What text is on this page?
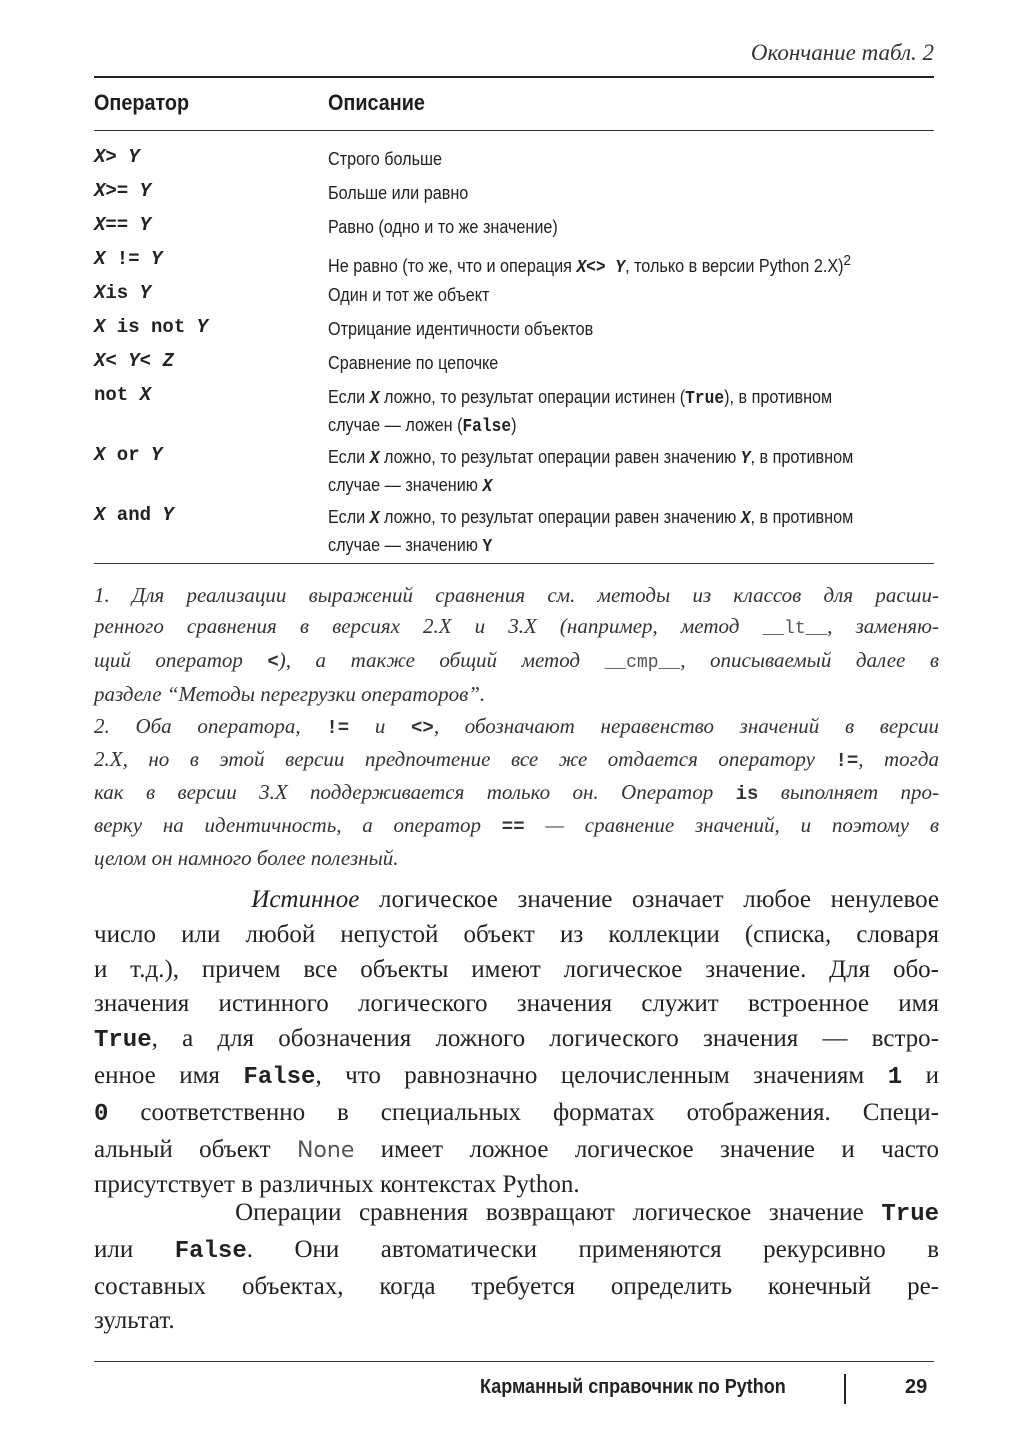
Окончание табл. 2
Оператор	Описание
X> Y	Строго больше
X>= Y	Больше или равно
X== Y	Равно (одно и то же значение)
X != Y	Не равно (то же, что и операция X<> Y, только в версии Python 2.X)$^2$
Xis Y	Один и тот же объект
X is not Y	Отрицание идентичности объектов
X< Y< Z	Сравнение по цепочке
not X	Если X ложно, то результат операции истинен (True), в противном
случае — ложен (False)
X or Y	Если X ложно, то результат операции равен значению Y, в противном
случае — значению X
X and Y	Если X ложно, то результат операции равен значению X, в противном
случае — значению Y
1. Для реализации выражений сравнения см. методы из классов для расши-
ренного сравнения в версиях 2.X и 3.X (например, метод __lt__, заменяю-
щий оператор <), а также общий метод __cmp__, описываемый далее в
разделе “Методы перегрузки операторов”.
2. Оба оператора, != и <>, обозначают неравенство значений в версии
2.X, но в этой версии предпочтение все же отдается оператору !=, тогда
как в версии 3.X поддерживается только он. Оператор is выполняет про-
верку на идентичность, а оператор == — сравнение значений, и поэтому в
целом он намного более полезный.
Истинное логическое значение означает любое ненулевое
число или любой непустой объект из коллекции (списка, словаря
и т.д.), причем все объекты имеют логическое значение. Для обо-
значения истинного логического значения служит встроенное имя
True, а для обозначения ложного логического значения — встро-
енное имя False, что равнозначно целочисленным значениям 1 и
0 соответственно в специальных форматах отображения. Специ-
альный объект None имеет ложное логическое значение и часто
присутствует в различных контекстах Python.
Операции сравнения возвращают логическое значение True
или False. Они автоматически применяются рекурсивно в
составных объектах, когда требуется определить конечный ре-
зультат.
Карманный справочник по Python	29
